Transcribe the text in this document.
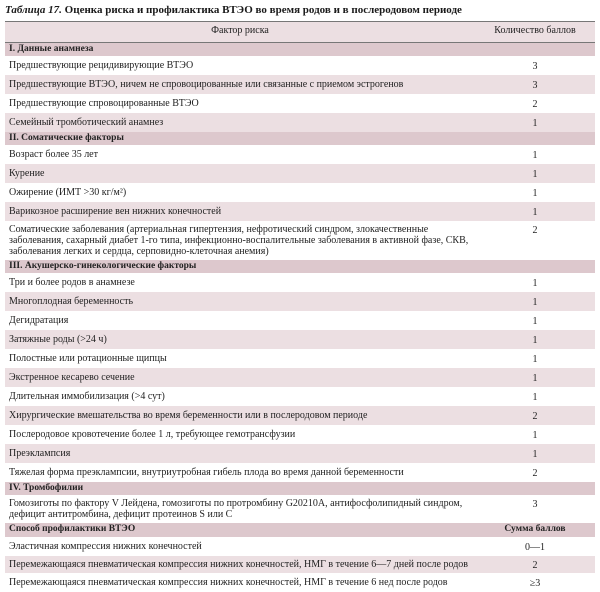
Таблица 17. Оценка риска и профилактика ВТЭО во время родов и в послеродовом периоде
Фактор риска	Количество баллов
I. Данные анамнеза	
Предшествующие рецидивирующие ВТЭО	3
Предшествующие ВТЭО, ничем не спровоцированные или связанные с приемом эстрогенов	3
Предшествующие спровоцированные ВТЭО	2
Семейный тромботический анамнез	1
II. Соматические факторы	
Возраст более 35 лет	1
Курение	1
Ожирение (ИМТ >30 кг/м²)	1
Варикозное расширение вен нижних конечностей	1
Соматические заболевания (артериальная гипертензия, нефротический синдром, злокачественные заболевания, сахарный диабет 1-го типа, инфекционно-воспалительные заболевания в активной фазе, СКВ, заболевания легких и сердца, серповидно-клеточная анемия)	2
III. Акушерско-гинекологические факторы	
Три и более родов в анамнезе	1
Многоплодная беременность	1
Дегидратация	1
Затяжные роды (>24 ч)	1
Полостные или ротационные щипцы	1
Экстренное кесарево сечение	1
Длительная иммобилизация (>4 сут)	1
Хирургические вмешательства во время беременности или в послеродовом периоде	2
Послеродовое кровотечение более 1 л, требующее гемотрансфузии	1
Преэклампсия	1
Тяжелая форма преэклампсии, внутриутробная гибель плода во время данной беременности	2
IV. Тромбофилии	
Гомозиготы по фактору V Лейдена, гомозиготы по протромбину G20210A, антифосфолипидный синдром, дефицит антитромбина, дефицит протеинов S или C	3
Способ профилактики ВТЭО	Сумма баллов
Эластичная компрессия нижних конечностей	0—1
Перемежающаяся пневматическая компрессия нижних конечностей, НМГ в течение 6—7 дней после родов	2
Перемежающаяся пневматическая компрессия нижних конечностей, НМГ в течение 6 нед после родов	≥3
